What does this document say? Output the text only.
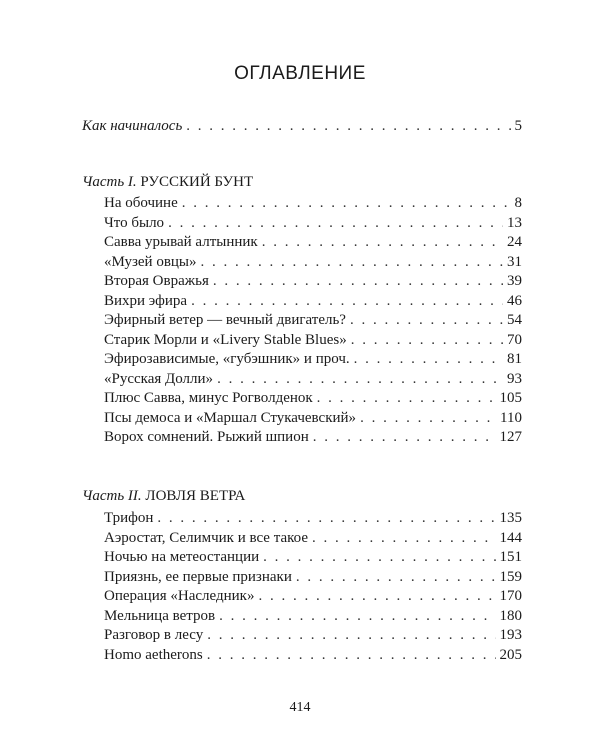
ОГЛАВЛЕНИЕ
Как начиналось . . .	5
Часть I. РУССКИЙ БУНТ
На обочине . . .	8
Что было . . .	13
Савва урывай алтынник . . .	24
«Музей овцы» . . .	31
Вторая Овражья . . .	39
Вихри эфира . . .	46
Эфирный ветер — вечный двигатель? . . .	54
Старик Морли и «Livery Stable Blues» . . .	70
Эфирозависимые, «губэшник» и проч. . . .	81
«Русская Долли» . . .	93
Плюс Савва, минус Рогволденок . . .	105
Псы демоса и «Маршал Стукачевский» . . .	110
Ворох сомнений. Рыжий шпион . . .	127
Часть II. ЛОВЛЯ ВЕТРА
Трифон . . .	135
Аэростат, Селимчик и все такое . . .	144
Ночью на метеостанции . . .	151
Приязнь, ее первые признаки . . .	159
Операция «Наследник» . . .	170
Мельница ветров . . .	180
Разговор в лесу . . .	193
Homo aetherons . . .	205
414
